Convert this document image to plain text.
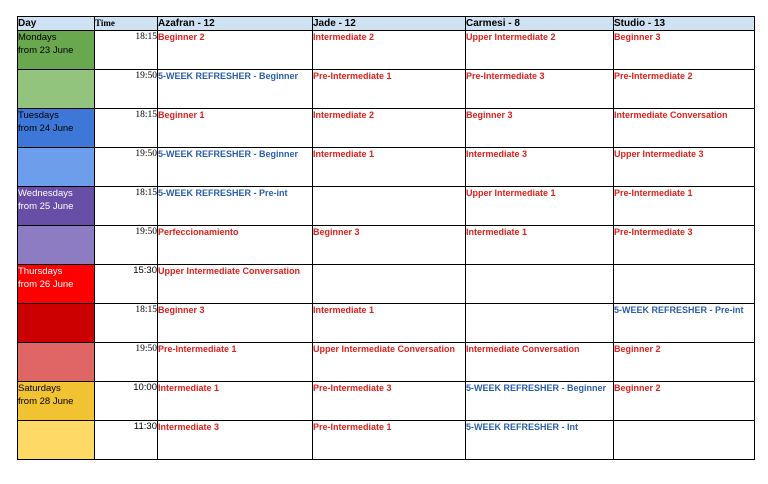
Day	Time	Azafran - 12	Jade - 12	Carmesi - 8	Studio - 13

Mondays
from 23 June	18:15	Beginner 2	Intermediate 2	Upper Intermediate 2	Beginner 3

	19:50	5-WEEK REFRESHER - Beginner	Pre-Intermediate 1	Pre-Intermediate 3	Pre-Intermediate 2

Tuesdays
from 24 June	18:15	Beginner 1	Intermediate 2	Beginner 3	Intermediate Conversation

	19:50	5-WEEK REFRESHER - Beginner	Intermediate 1	Intermediate 3	Upper Intermediate 3

Wednesdays
from 25 June	18:15	5-WEEK REFRESHER - Pre-int		Upper Intermediate 1	Pre-Intermediate 1

	19:50	Perfeccionamiento	Beginner 3	Intermediate 1	Pre-Intermediate 3

Thursdays
from 26 June	15:30	Upper Intermediate Conversation			

	18:15	Beginner 3	Intermediate 1		5-WEEK REFRESHER - Pre-int

	19:50	Pre-Intermediate 1	Upper Intermediate Conversation	Intermediate Conversation	Beginner 2

Saturdays
from 28 June	10:00	Intermediate 1	Pre-Intermediate 3	5-WEEK REFRESHER - Beginner	Beginner 2

	11:30	Intermediate 3	Pre-Intermediate 1	5-WEEK REFRESHER - Int	
